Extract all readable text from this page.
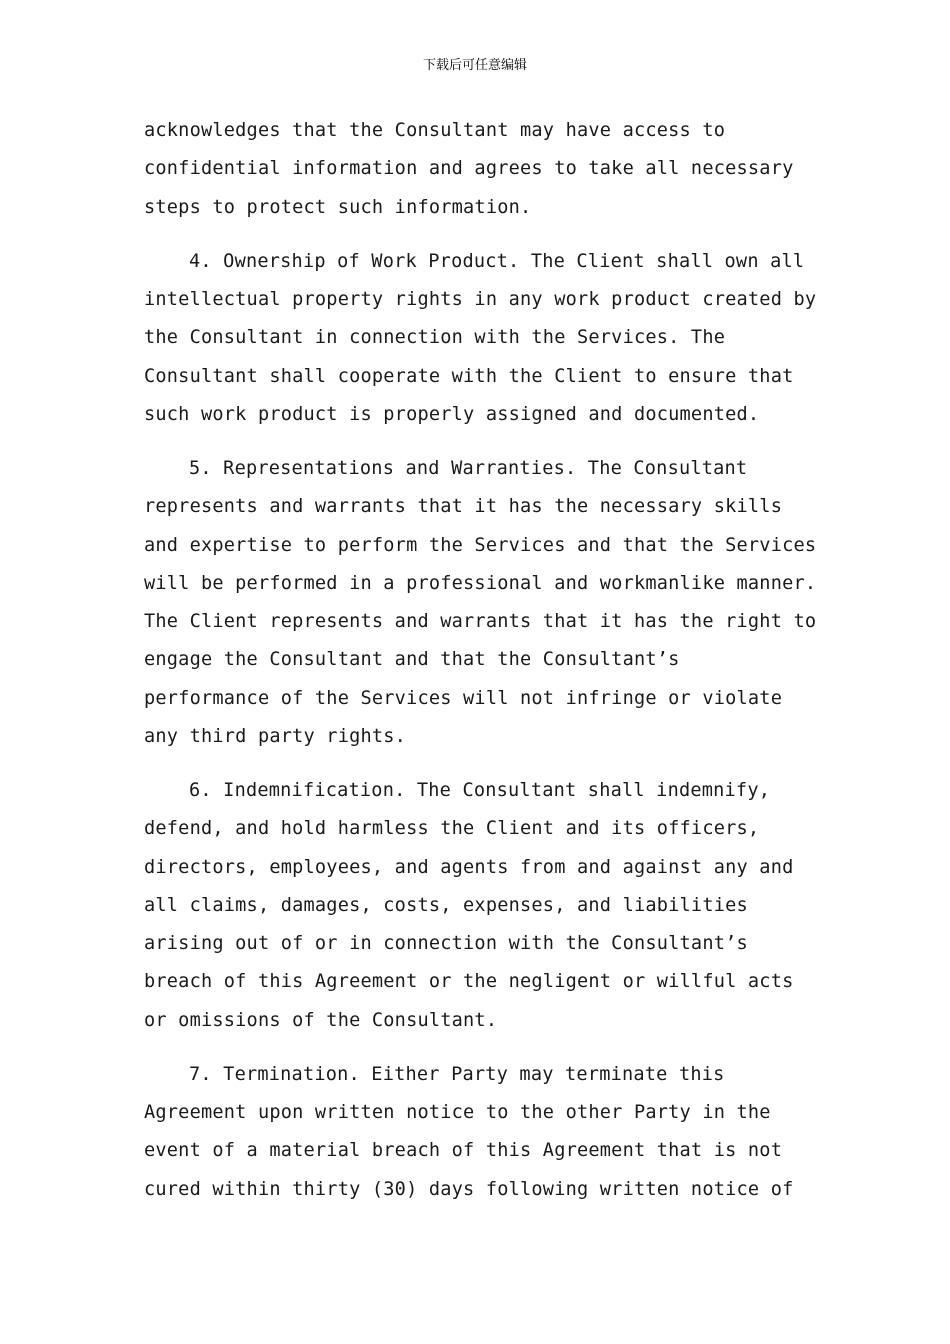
下载后可任意编辑
acknowledges that the Consultant may have access to
confidential information and agrees to take all necessary
steps to protect such information.
4. Ownership of Work Product. The Client shall own all
intellectual property rights in any work product created by
the Consultant in connection with the Services. The
Consultant shall cooperate with the Client to ensure that
such work product is properly assigned and documented.
5. Representations and Warranties. The Consultant
represents and warrants that it has the necessary skills
and expertise to perform the Services and that the Services
will be performed in a professional and workmanlike manner.
The Client represents and warrants that it has the right to
engage the Consultant and that the Consultant’s
performance of the Services will not infringe or violate
any third party rights.
6. Indemnification. The Consultant shall indemnify,
defend, and hold harmless the Client and its officers,
directors, employees, and agents from and against any and
all claims, damages, costs, expenses, and liabilities
arising out of or in connection with the Consultant’s
breach of this Agreement or the negligent or willful acts
or omissions of the Consultant.
7. Termination. Either Party may terminate this
Agreement upon written notice to the other Party in the
event of a material breach of this Agreement that is not
cured within thirty (30) days following written notice of
